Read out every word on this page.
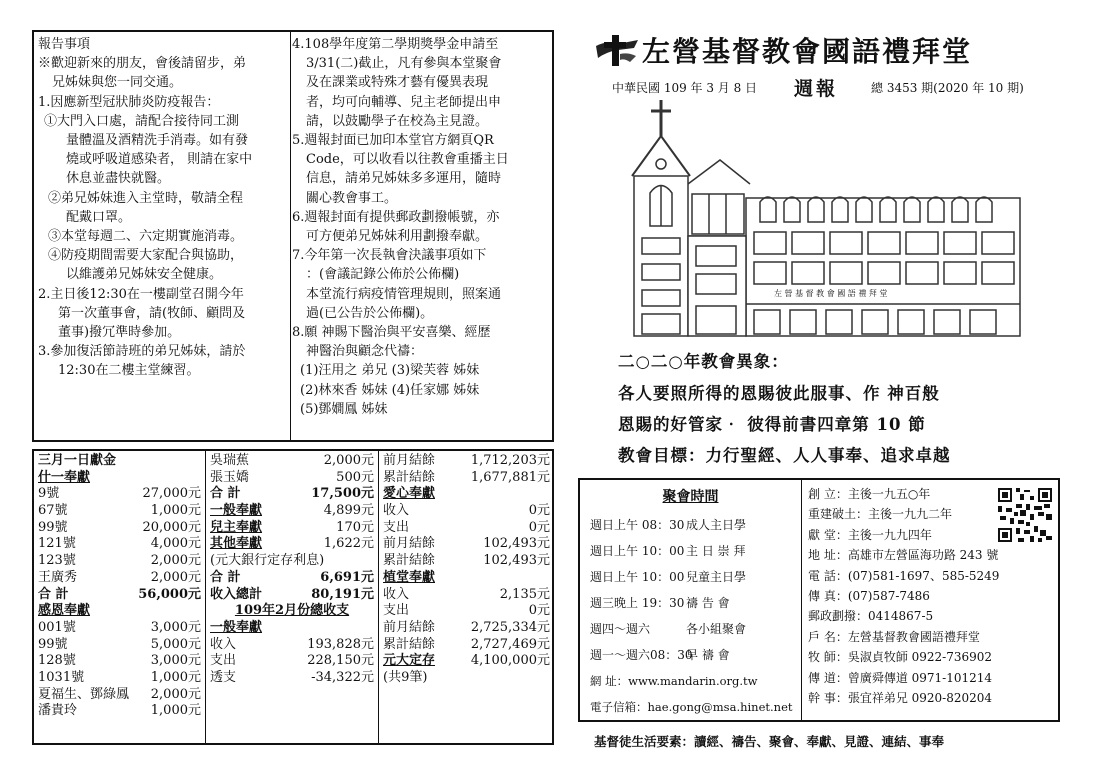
報告事項
※歡迎新來的朋友，會後請留步，弟
兄姊妹與您一同交通。
1.因應新型冠狀肺炎防疫報告：
①大門入口處，請配合接待同工測
量體溫及酒精洗手消毒。如有發
燒或呼吸道感染者， 則請在家中
休息並盡快就醫。
②弟兄姊妹進入主堂時，敬請全程
配戴口罩。
③本堂每週二、六定期實施消毒。
④防疫期間需要大家配合與協助，
以維護弟兄姊妹安全健康。
2.主日後12:30在一樓副堂召開今年
第一次董事會，請(牧師、顧問及
董事)撥冗準時參加。
3.參加復活節詩班的弟兄姊妹，請於
12:30在二樓主堂練習。
4.108學年度第二學期獎學金申請至
3/31(二)截止，凡有參與本堂聚會
及在課業或特殊才藝有優異表現
者，均可向輔導、兒主老師提出申
請，以鼓勵學子在校為主見證。
5.週報封面已加印本堂官方網頁QR
Code，可以收看以往教會重播主日
信息，請弟兄姊妹多多運用，隨時
關心教會事工。
6.週報封面有提供郵政劃撥帳號，亦
可方便弟兄姊妹利用劃撥奉獻。
7.今年第一次長執會決議事項如下
：(會議記錄公佈於公佈欄)
本堂流行病疫情管理規則，照案通
過(已公告於公佈欄)。
8.願 神賜下醫治與平安喜樂、經歷
神醫治與顧念代禱：
(1)汪用之 弟兄 (3)梁芙蓉 姊妹
(2)林來香 姊妹 (4)任家娜 姊妹
(5)鄧嫺鳳 姊妹
三月一日獻金
什一奉獻
9號	27,000元
67號	1,000元
99號	20,000元
121號	4,000元
123號	2,000元
王廣秀	2,000元
合 計	56,000元
感恩奉獻
001號	3,000元
99號	5,000元
128號	3,000元
1031號	1,000元
夏福生、鄧綠鳳 2,000元
潘貴玲	1,000元
吳瑞蕉	2,000元
張玉嬌	500元
合 計	17,500元
一般奉獻	4,899元
兒主奉獻	170元
其他奉獻	1,622元
(元大銀行定存利息)
合 計	6,691元
收入總計	80,191元
109年2月份總收支
一般奉獻
收入	193,828元
支出	228,150元
透支	-34,322元
前月結餘	1,712,203元
累計結餘	1,677,881元
愛心奉獻
收入	0元
支出	0元
前月結餘	102,493元
累計結餘	102,493元
植堂奉獻
收入	2,135元
支出	0元
前月結餘	2,725,334元
累計結餘	2,727,469元
元大定存	4,100,000元
(共9筆)
左營基督教會國語禮拜堂
中華民國 109 年 3 月 8 日 週報	總 3453 期(2020 年 10 期)
左 營 基 督 教 會 國 語 禮 拜 堂
二○二○年教會異象：
各人要照所得的恩賜彼此服事、作 神百般
恩賜的好管家‧ 彼得前書四章第 10 節
教會目標：力行聖經、人人事奉、追求卓越
聚會時間
週日上午 08：30 成人主日學
週日上午 10：00 主 日 崇 拜
週日上午 10：00 兒童主日學
週三晚上 19：30 禱 告 會
週四～週六	各小組聚會
週一～週六08：30
早 禱 會
網 址：www.mandarin.org.tw
電子信箱：hae.gong@msa.hinet.net
創 立：主後一九五○年
重建破土：主後一九九二年
獻 堂：主後一九九四年
地 址：高雄市左營區海功路 243 號
電 話：(07)581-1697、585-5249
傳 真：(07)587-7486
郵政劃撥：0414867-5
戶 名：左營基督教會國語禮拜堂
牧 師：吳淑貞牧師 0922-736902
傳 道：曾廣舜傳道 0971-101214
幹 事：張宜祥弟兄 0920-820204
基督徒生活要素：讀經、禱告、聚會、奉獻、見證、連結、事奉
